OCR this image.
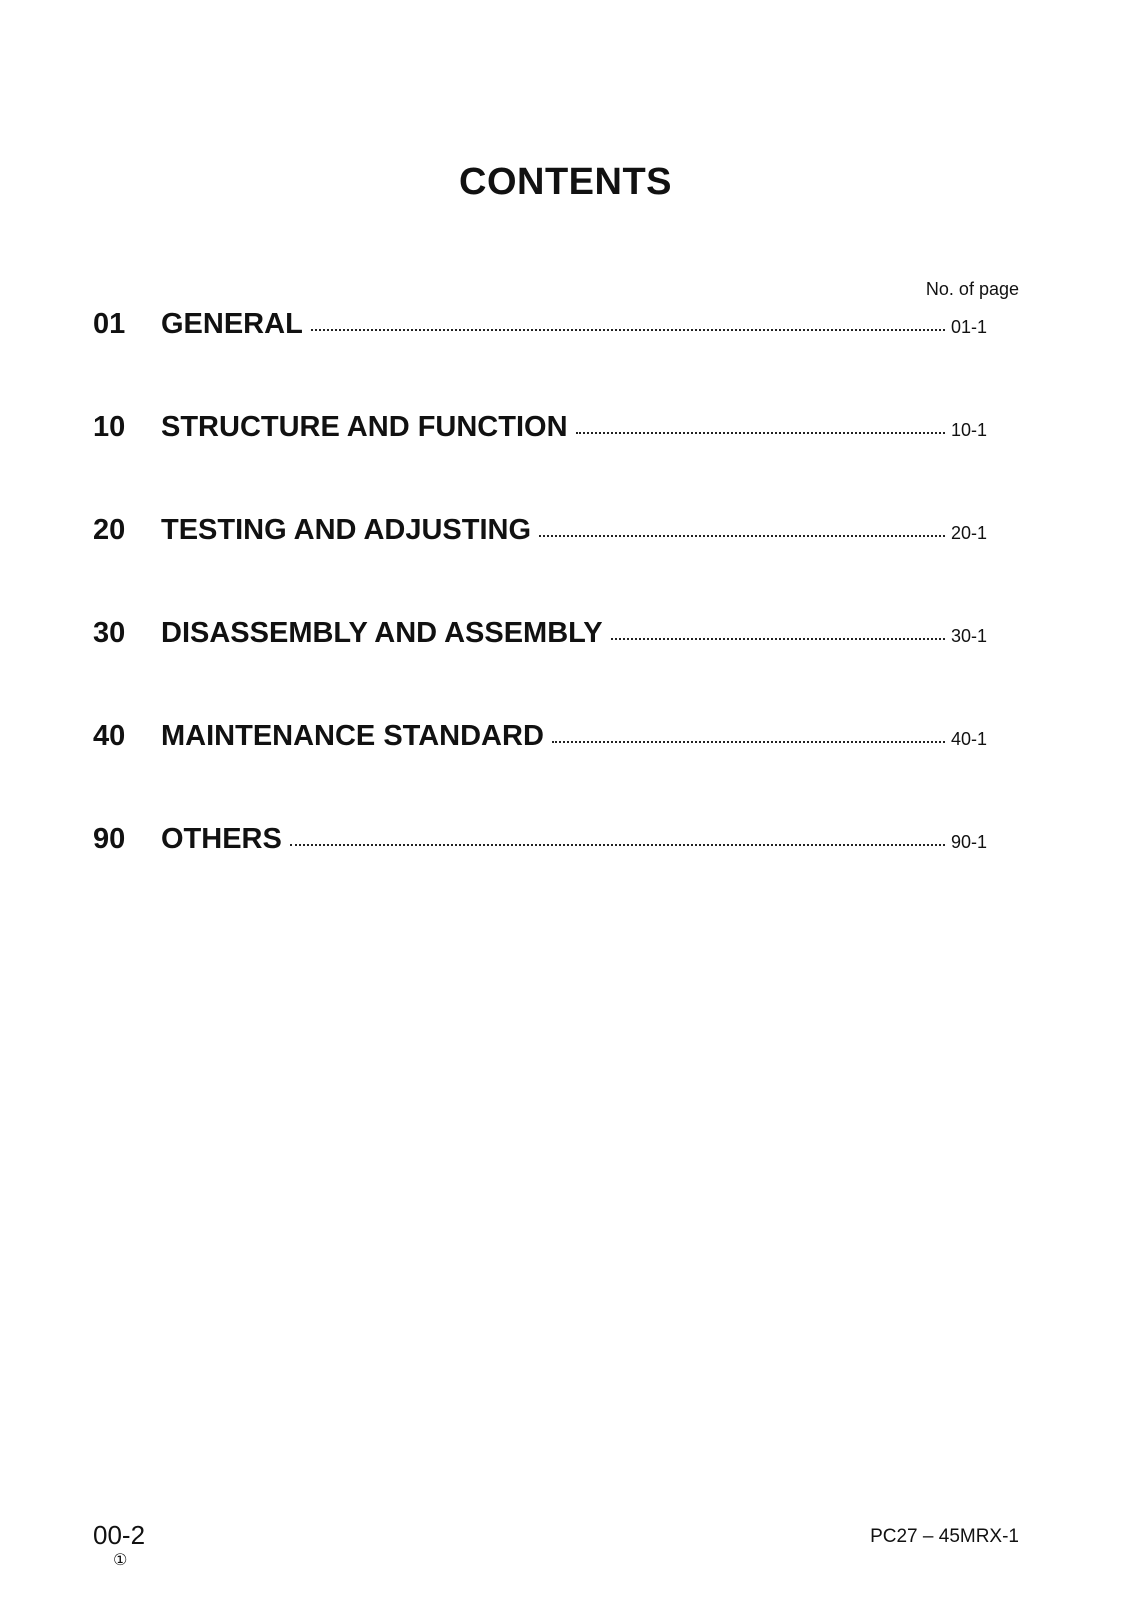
CONTENTS
No. of page
01	GENERAL	01-1
10	STRUCTURE AND FUNCTION	10-1
20	TESTING AND ADJUSTING	20-1
30	DISASSEMBLY AND ASSEMBLY	30-1
40	MAINTENANCE STANDARD	40-1
90	OTHERS	90-1
00-2
①
PC27 – 45MRX-1
